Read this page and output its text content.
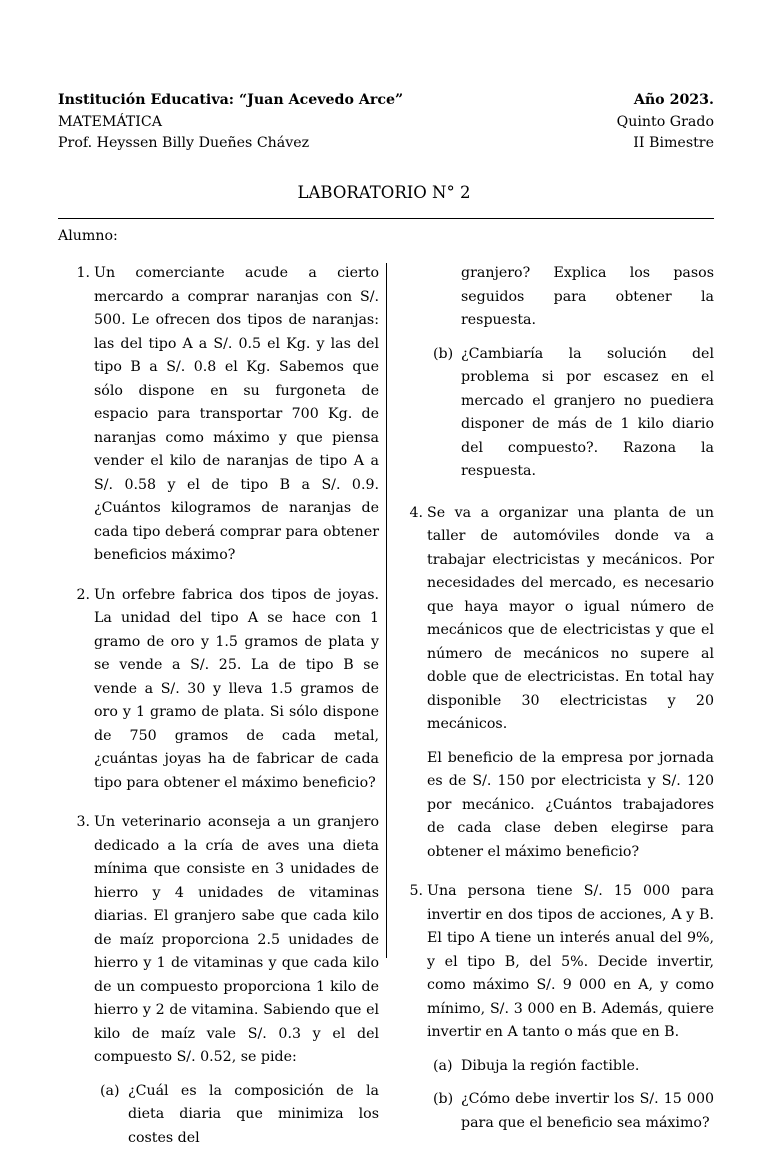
Institución Educativa: “Juan Acevedo Arce”	Año 2023.
MATEMÁTICA	Quinto Grado
Prof. Heyssen Billy Dueñes Chávez	II Bimestre
LABORATORIO N° 2
Alumno:
1. Un comerciante acude a cierto mercardo a comprar naranjas con S/. 500. Le ofrecen dos tipos de naranjas: las del tipo A a S/. 0.5 el Kg. y las del tipo B a S/. 0.8 el Kg. Sabemos que sólo dispone en su furgoneta de espacio para transportar 700 Kg. de naranjas como máximo y que piensa vender el kilo de naranjas de tipo A a S/. 0.58 y el de tipo B a S/. 0.9. ¿Cuántos kilogramos de naranjas de cada tipo deberá comprar para obtener beneficios máximo?

2. Un orfebre fabrica dos tipos de joyas. La unidad del tipo A se hace con 1 gramo de oro y 1.5 gramos de plata y se vende a S/. 25. La de tipo B se vende a S/. 30 y lleva 1.5 gramos de oro y 1 gramo de plata. Si sólo dispone de 750 gramos de cada metal, ¿cuántas joyas ha de fabricar de cada tipo para obtener el máximo beneficio?

3. Un veterinario aconseja a un granjero dedicado a la cría de aves una dieta mínima que consiste en 3 unidades de hierro y 4 unidades de vitaminas diarias. El granjero sabe que cada kilo de maíz proporciona 2.5 unidades de hierro y 1 de vitaminas y que cada kilo de un compuesto proporciona 1 kilo de hierro y 2 de vitamina. Sabiendo que el kilo de maíz vale S/. 0.3 y el del compuesto S/. 0.52, se pide:

(a) ¿Cuál es la composición de la dieta diaria que minimiza los costes del
granjero? Explica los pasos seguidos para obtener la respuesta.
(b) ¿Cambiaría la solución del problema si por escasez en el mercado el granjero no puediera disponer de más de 1 kilo diario del compuesto?. Razona la respuesta.
4. Se va a organizar una planta de un taller de automóviles donde va a trabajar electricistas y mecánicos. Por necesidades del mercado, es necesario que haya mayor o igual número de mecánicos que de electricistas y que el número de mecánicos no supere al doble que de electricistas. En total hay disponible 30 electricistas y 20 mecánicos.

El beneficio de la empresa por jornada es de S/. 150 por electricista y S/. 120 por mecánico. ¿Cuántos trabajadores de cada clase deben elegirse para obtener el máximo beneficio?

5. Una persona tiene S/. 15 000 para invertir en dos tipos de acciones, A y B. El tipo A tiene un interés anual del 9%, y el tipo B, del 5%. Decide invertir, como máximo S/. 9 000 en A, y como mínimo, S/. 3 000 en B. Además, quiere invertir en A tanto o más que en B.

(a) Dibuja la región factible.
(b) ¿Cómo debe invertir los S/. 15 000 para que el beneficio sea máximo?
